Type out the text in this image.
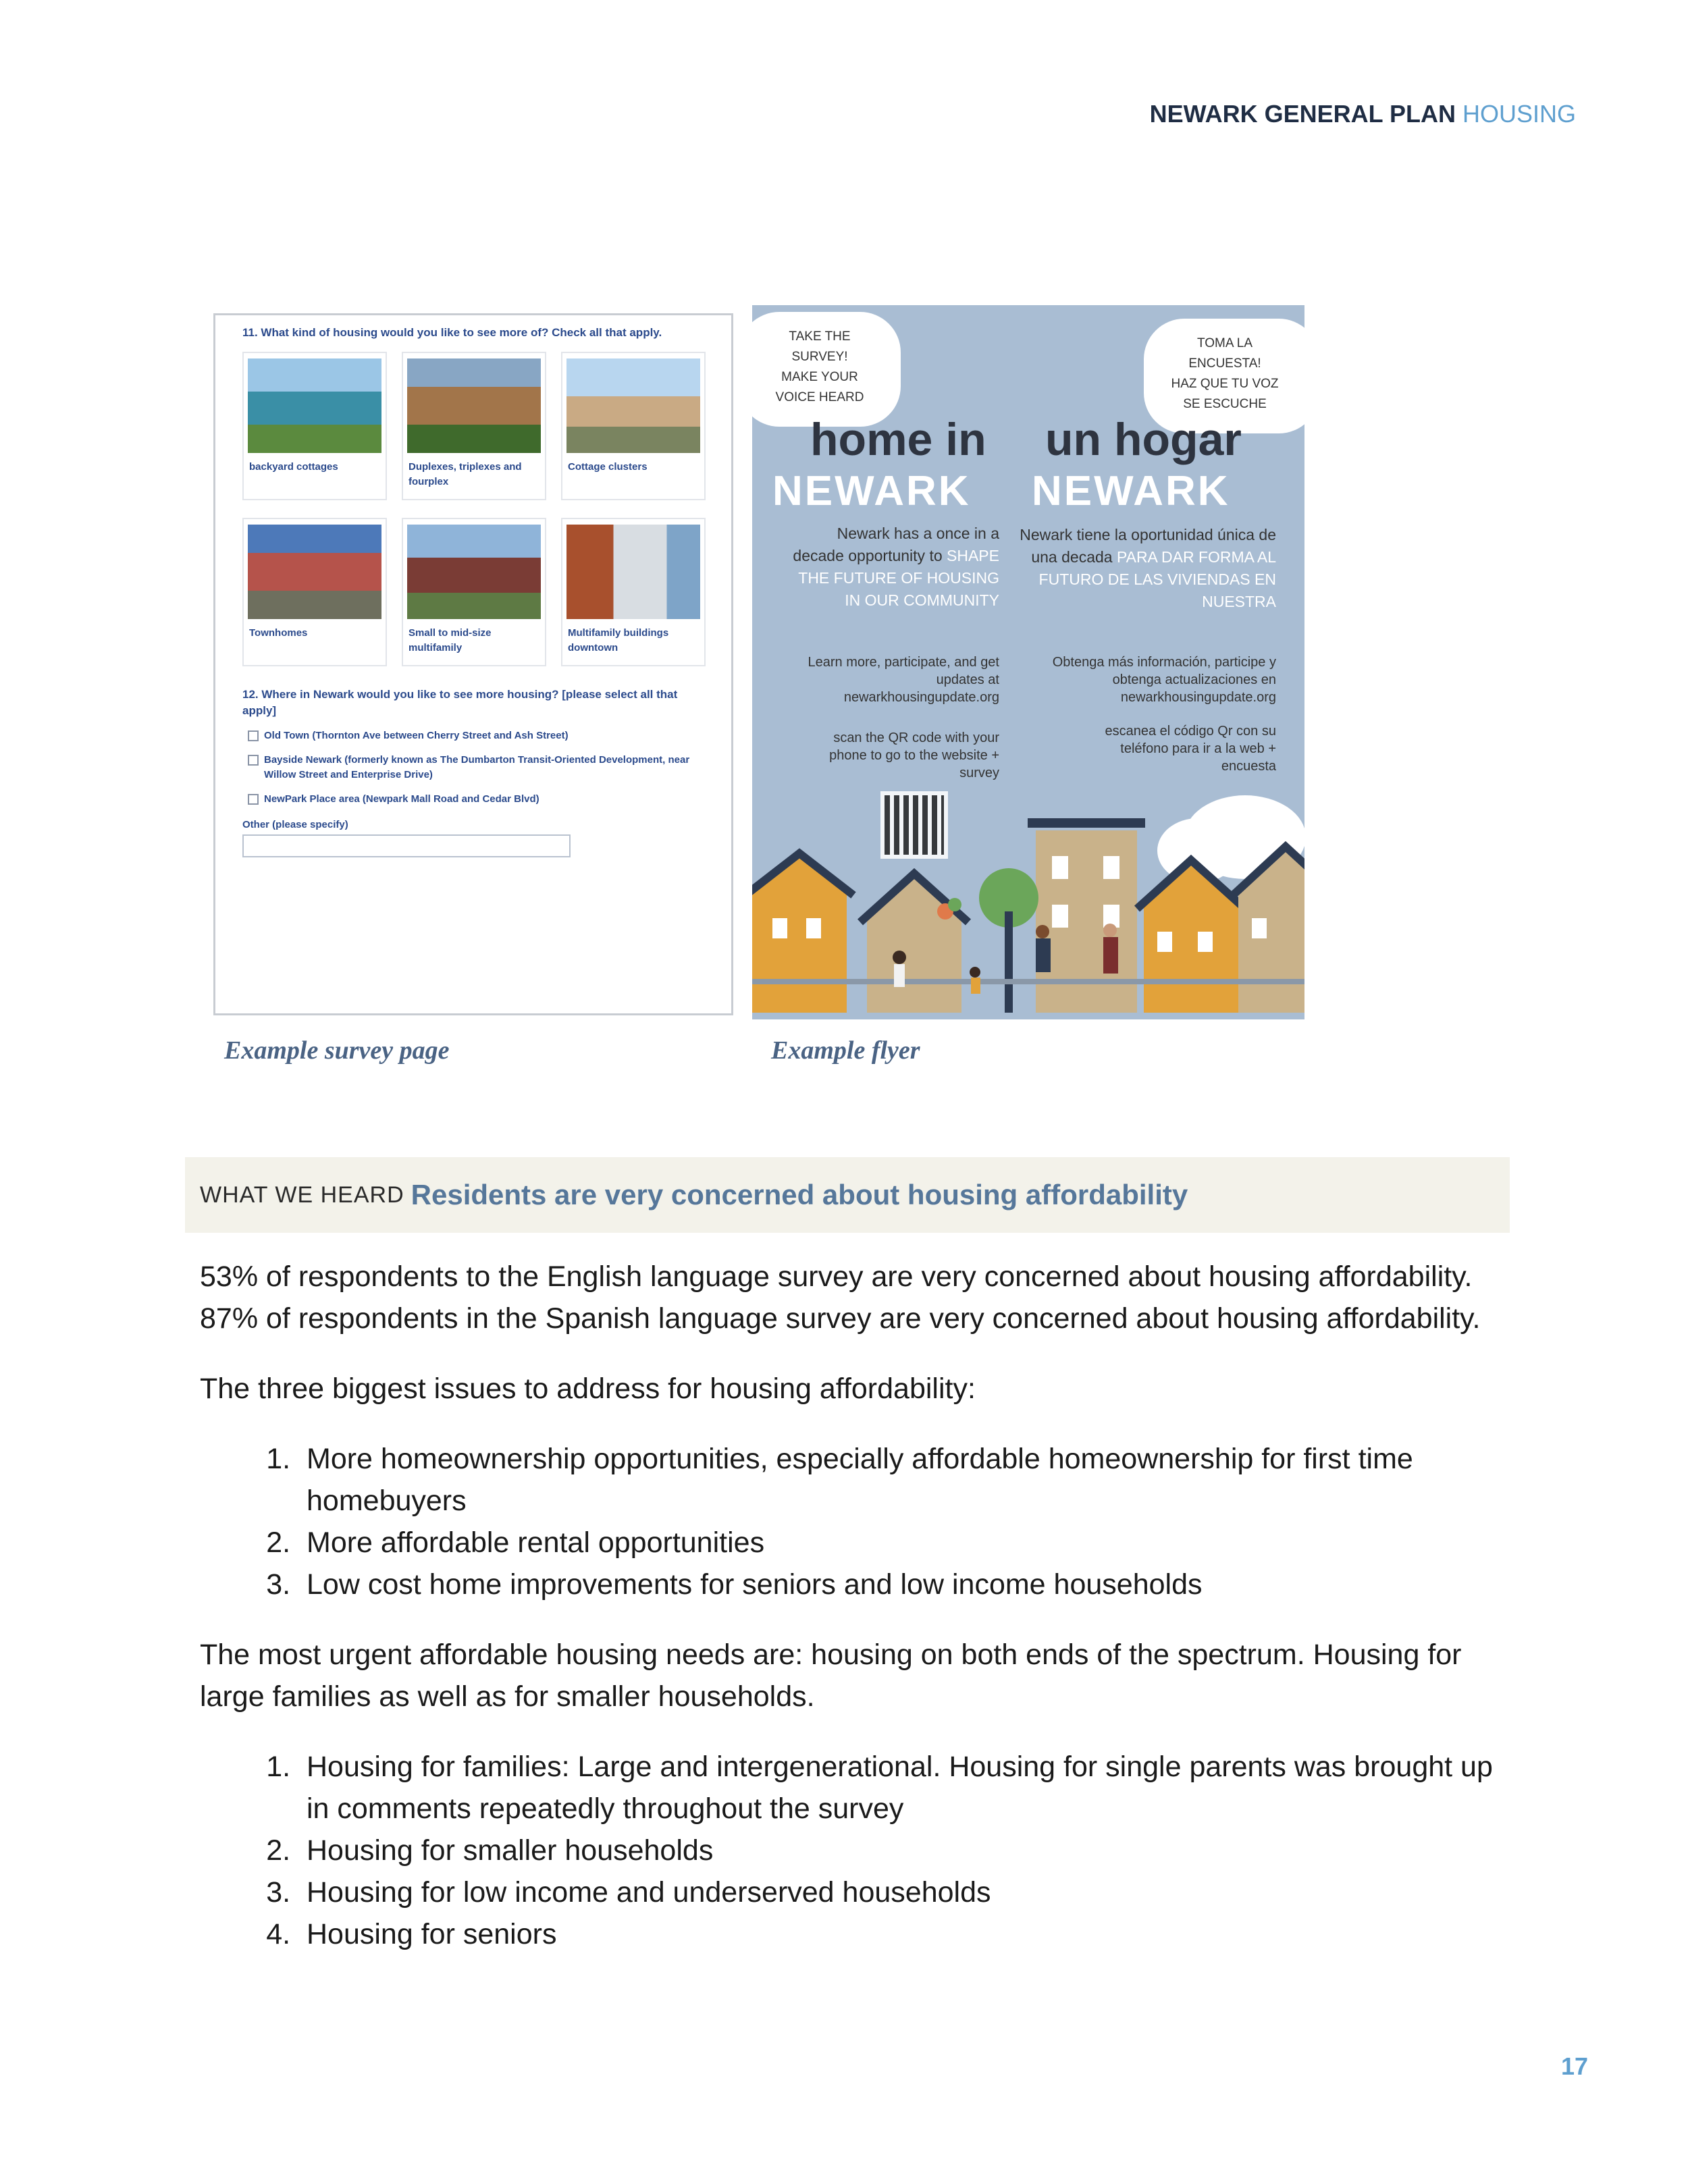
NEWARK GENERAL PLAN HOUSING
11. What kind of housing would you like to see more of? Check all that apply.
backyard cottages	Duplexes, triplexes and fourplex
Cottage clusters
Townhomes	Small to mid-size multifamily
Multifamily buildings downtown
12. Where in Newark would you like to see more housing? [please select all that apply]
Old Town (Thornton Ave between Cherry Street and Ash Street)
Bayside Newark (formerly known as The Dumbarton Transit-Oriented Development, near Willow Street and Enterprise Drive)
NewPark Place area (Newpark Mall Road and Cedar Blvd)
Other (please specify)
TAKE THE
SURVEY!
MAKE YOUR
VOICE HEARD
TOMA LA
ENCUESTA!
HAZ QUE TU VOZ
SE ESCUCHE
home in un hogar
NEWARK NEWARK
Newark has a once in a decade opportunity to SHAPE THE FUTURE OF HOUSING IN OUR COMMUNITY
Newark tiene la oportunidad única de una decada PARA DAR FORMA AL FUTURO DE LAS VIVIENDAS EN NUESTRA
Learn more, participate, and get updates at newarkhousingupdate.org
Obtenga más información, participe y obtenga actualizaciones en newarkhousingupdate.org
scan the QR code with your phone to go to the website + survey
escanea el código Qr con su teléfono para ir a la web + encuesta
Example survey page	Example flyer
WHAT WE HEARD Residents are very concerned about housing affordability

53% of respondents to the English language survey are very concerned about housing affordability. 87% of respondents in the Spanish language survey are very concerned about housing affordability.

The three biggest issues to address for housing affordability:

1. More homeownership opportunities, especially affordable homeownership for first time homebuyers
2. More affordable rental opportunities
3. Low cost home improvements for seniors and low income households

The most urgent affordable housing needs are: housing on both ends of the spectrum. Housing for large families as well as for smaller households.

1. Housing for families: Large and intergenerational. Housing for single parents was brought up in comments repeatedly throughout the survey
2. Housing for smaller households
3. Housing for low income and underserved households
4. Housing for seniors
17
